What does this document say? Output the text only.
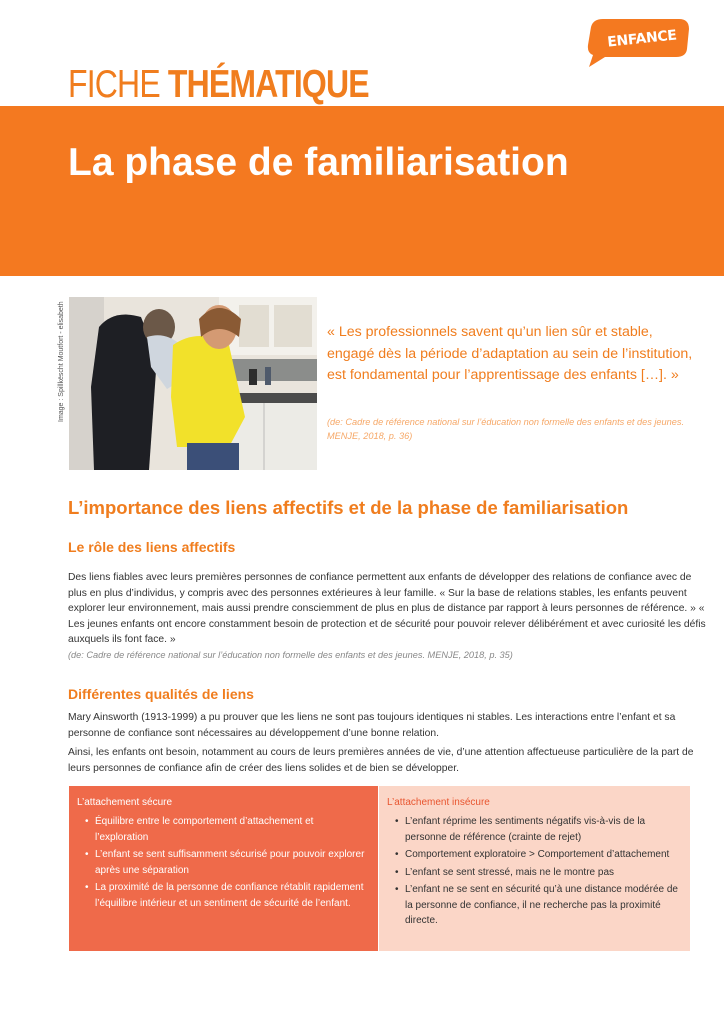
ENFANCE
FICHE THÉMATIQUE
La phase de familiarisation
Image : Spillkëscht Moutfort - elisabeth	« Les professionnels savent qu’un lien sûr et stable, engagé dès la période d’adaptation au sein de l’institution, est fondamental pour l’apprentissage des enfants […]. »
(de: Cadre de référence national sur l’éducation non formelle des enfants et des jeunes. MENJE, 2018, p. 36)
L’importance des liens affectifs et de la phase de familiarisation
Le rôle des liens affectifs
Des liens fiables avec leurs premières personnes de confiance permettent aux enfants de développer des relations de confiance avec de plus en plus d’individus, y compris avec des personnes extérieures à leur famille. « Sur la base de relations stables, les enfants peuvent explorer leur environnement, mais aussi prendre consciemment de plus en plus de distance par rapport à leurs personnes de référence. » « Les jeunes enfants ont encore constamment besoin de protection et de sécurité pour pouvoir relever délibérément et avec curiosité les défis auxquels ils font face. »
(de: Cadre de référence national sur l’éducation non formelle des enfants et des jeunes. MENJE, 2018, p. 35)
Différentes qualités de liens
Mary Ainsworth (1913-1999) a pu prouver que les liens ne sont pas toujours identiques ni stables. Les interactions entre l’enfant et sa personne de confiance sont nécessaires au développement d’une bonne relation.
Ainsi, les enfants ont besoin, notamment au cours de leurs premières années de vie, d’une attention affectueuse particulière de la part de leurs personnes de confiance afin de créer des liens solides et de bien se développer.
L’attachement sécure
• Équilibre entre le comportement d’attachement et l’exploration
• L’enfant se sent suffisamment sécurisé pour pouvoir explorer après une séparation
• La proximité de la personne de confiance rétablit rapidement l’équilibre intérieur et un sentiment de sécurité de l’enfant.
L’attachement insécure
• L’enfant réprime les sentiments négatifs vis-à-vis de la personne de référence (crainte de rejet)
• Comportement exploratoire > Comportement d’attachement
• L’enfant se sent stressé, mais ne le montre pas
• L’enfant ne se sent en sécurité qu’à une distance modérée de la personne de confiance, il ne recherche pas la proximité directe.
